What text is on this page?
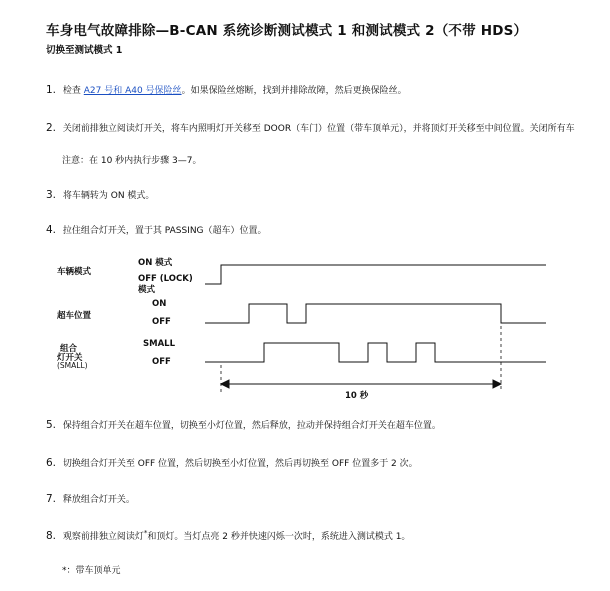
车身电气故障排除—B-CAN 系统诊断测试模式 1 和测试模式 2（不带 HDS）
切换至测试模式 1
1. 检查 A27 号和 A40 号保险丝。如果保险丝熔断，找到并排除故障，然后更换保险丝。
2. 关闭前排独立阅读灯开关，将车内照明灯开关移至 DOOR（车门）位置（带车顶单元），并将顶灯开关移至中间位置。关闭所有车
注意：在 10 秒内执行步骤 3—7。
3. 将车辆转为 ON 模式。
4. 拉住组合灯开关，置于其 PASSING（超车）位置。
车辆模式
ON 模式
OFF (LOCK)
模式
超车位置
ON
OFF
组合
灯开关
(SMALL)
SMALL
OFF
10 秒
5. 保持组合灯开关在超车位置，切换至小灯位置，然后释放，拉动并保持组合灯开关在超车位置。
6. 切换组合灯开关至 OFF 位置，然后切换至小灯位置，然后再切换至 OFF 位置多于 2 次。
7. 释放组合灯开关。
8. 观察前排独立阅读灯*和顶灯。当灯点亮 2 秒并快速闪烁一次时，系统进入测试模式 1。
*：带车顶单元
